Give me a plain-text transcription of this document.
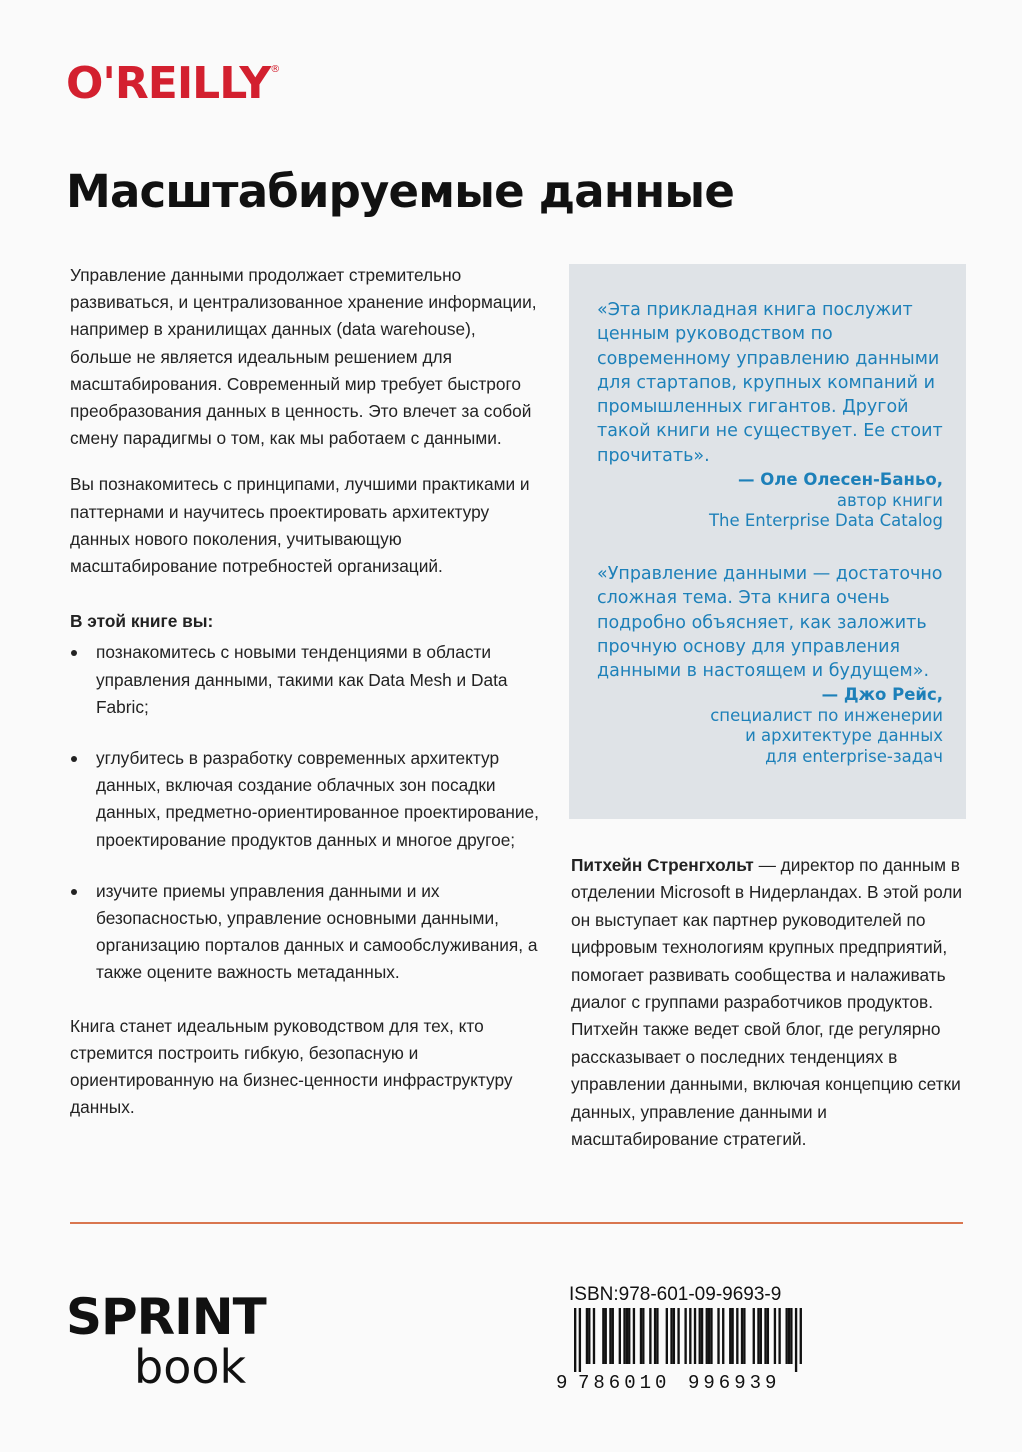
O'REILLY®
Масштабируемые данные

Управление данными продолжает стремительно развиваться, и централизованное хранение информации, например в хранилищах данных (data warehouse), больше не является идеальным решением для масштабирования. Современный мир требует быстрого преобразования данных в ценность. Это влечет за собой смену парадигмы о том, как мы работаем с данными.

Вы познакомитесь с принципами, лучшими практиками и паттернами и научитесь проектировать архитектуру данных нового поколения, учитывающую масштабирование потребностей организаций.

В этой книге вы:

познакомитесь с новыми тенденциями в области управления данными, такими как Data Mesh и Data Fabric;
углубитесь в разработку современных архитектур данных, включая создание облачных зон посадки данных, предметно-ориентированное проектирование, проектирование продуктов данных и многое другое;
изучите приемы управления данными и их безопасностью, управление основными данными, организацию порталов данных и самообслуживания, а также оцените важность метаданных.

Книга станет идеальным руководством для тех, кто стремится построить гибкую, безопасную и ориентированную на бизнес-ценности инфраструктуру данных.

«Эта прикладная книга послужит ценным руководством по современному управлению данными для стартапов, крупных компаний и промышленных гигантов. Другой такой книги не существует. Ее стоит прочитать».

— Оле Олесен-Баньо,
автор книги
The Enterprise Data Catalog

«Управление данными — достаточно сложная тема. Эта книга очень подробно объясняет, как заложить прочную основу для управления данными в настоящем и будущем».

— Джо Рейс,
специалист по инженерии
и архитектуре данных
для enterprise-задач

Питхейн Стренгхольт — директор по данным в отделении Microsoft в Нидерландах. В этой роли он выступает как партнер руководителей по цифровым технологиям крупных предприятий, помогает развивать сообщества и налаживать диалог с группами разработчиков продуктов. Питхейн также ведет свой блог, где регулярно рассказывает о последних тенденциях в управлении данными, включая концепцию сетки данных, управление данными и масштабирование стратегий.

SPRINT
book

ISBN:978-601-09-9693-9

9 786010 996939
